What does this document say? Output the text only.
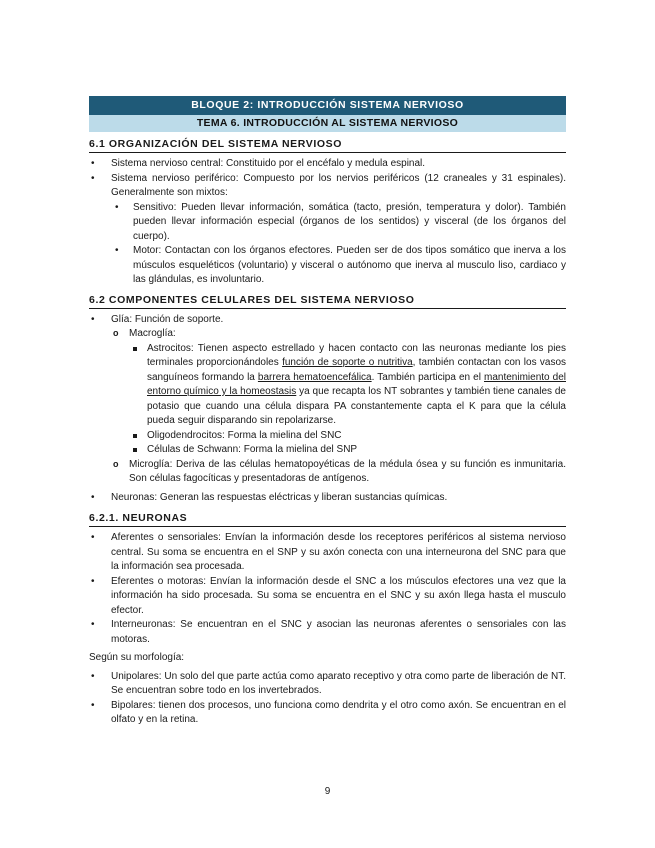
BLOQUE 2: INTRODUCCIÓN SISTEMA NERVIOSO
TEMA 6. INTRODUCCIÓN AL SISTEMA NERVIOSO
6.1 ORGANIZACIÓN DEL SISTEMA NERVIOSO
• Sistema nervioso central: Constituido por el encéfalo y medula espinal.
• Sistema nervioso periférico: Compuesto por los nervios periféricos (12 craneales y 31 espinales). Generalmente son mixtos:
• Sensitivo: Pueden llevar información, somática (tacto, presión, temperatura y dolor). También pueden llevar información especial (órganos de los sentidos) y visceral (de los órganos del cuerpo).
• Motor: Contactan con los órganos efectores. Pueden ser de dos tipos somático que inerva a los músculos esqueléticos (voluntario) y visceral o autónomo que inerva al musculo liso, cardiaco y las glándulas, es involuntario.
6.2 COMPONENTES CELULARES DEL SISTEMA NERVIOSO
• Glía: Función de soporte.
o Macroglía:
Astrocitos: Tienen aspecto estrellado y hacen contacto con las neuronas mediante los pies terminales proporcionándoles función de soporte o nutritiva, también contactan con los vasos sanguíneos formando la barrera hematoencefálica. También participa en el mantenimiento del entorno químico y la homeostasis ya que recapta los NT sobrantes y también tiene canales de potasio que cuando una célula dispara PA constantemente capta el K para que la célula pueda seguir disparando sin repolarizarse.
Oligodendrocitos: Forma la mielina del SNC
Células de Schwann: Forma la mielina del SNP
o Microglía: Deriva de las células hematopoyéticas de la médula ósea y su función es inmunitaria. Son células fagocíticas y presentadoras de antígenos.
• Neuronas: Generan las respuestas eléctricas y liberan sustancias químicas.
6.2.1. NEURONAS
• Aferentes o sensoriales: Envían la información desde los receptores periféricos al sistema nervioso central. Su soma se encuentra en el SNP y su axón conecta con una interneurona del SNC para que la información sea procesada.
• Eferentes o motoras: Envían la información desde el SNC a los músculos efectores una vez que la información ha sido procesada. Su soma se encuentra en el SNC y su axón llega hasta el musculo efector.
• Interneuronas: Se encuentran en el SNC y asocian las neuronas aferentes o sensoriales con las motoras.

Según su morfología:

• Unipolares: Un solo del que parte actúa como aparato receptivo y otra como parte de liberación de NT. Se encuentran sobre todo en los invertebrados.
• Bipolares: tienen dos procesos, uno funciona como dendrita y el otro como axón. Se encuentran en el olfato y en la retina.
9
